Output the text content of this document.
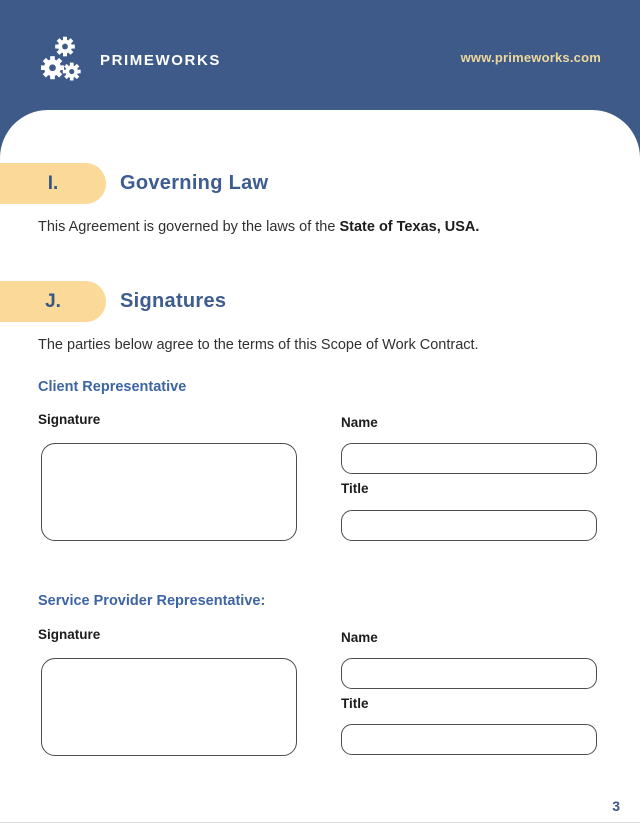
PRIMEWORKS	www.primeworks.com
I.	Governing Law
This Agreement is governed by the laws of the State of Texas, USA.
J.	Signatures
The parties below agree to the terms of this Scope of Work Contract.
Client Representative
Signature	Name
Title
Service Provider Representative:
Signature	Name
Title
3
